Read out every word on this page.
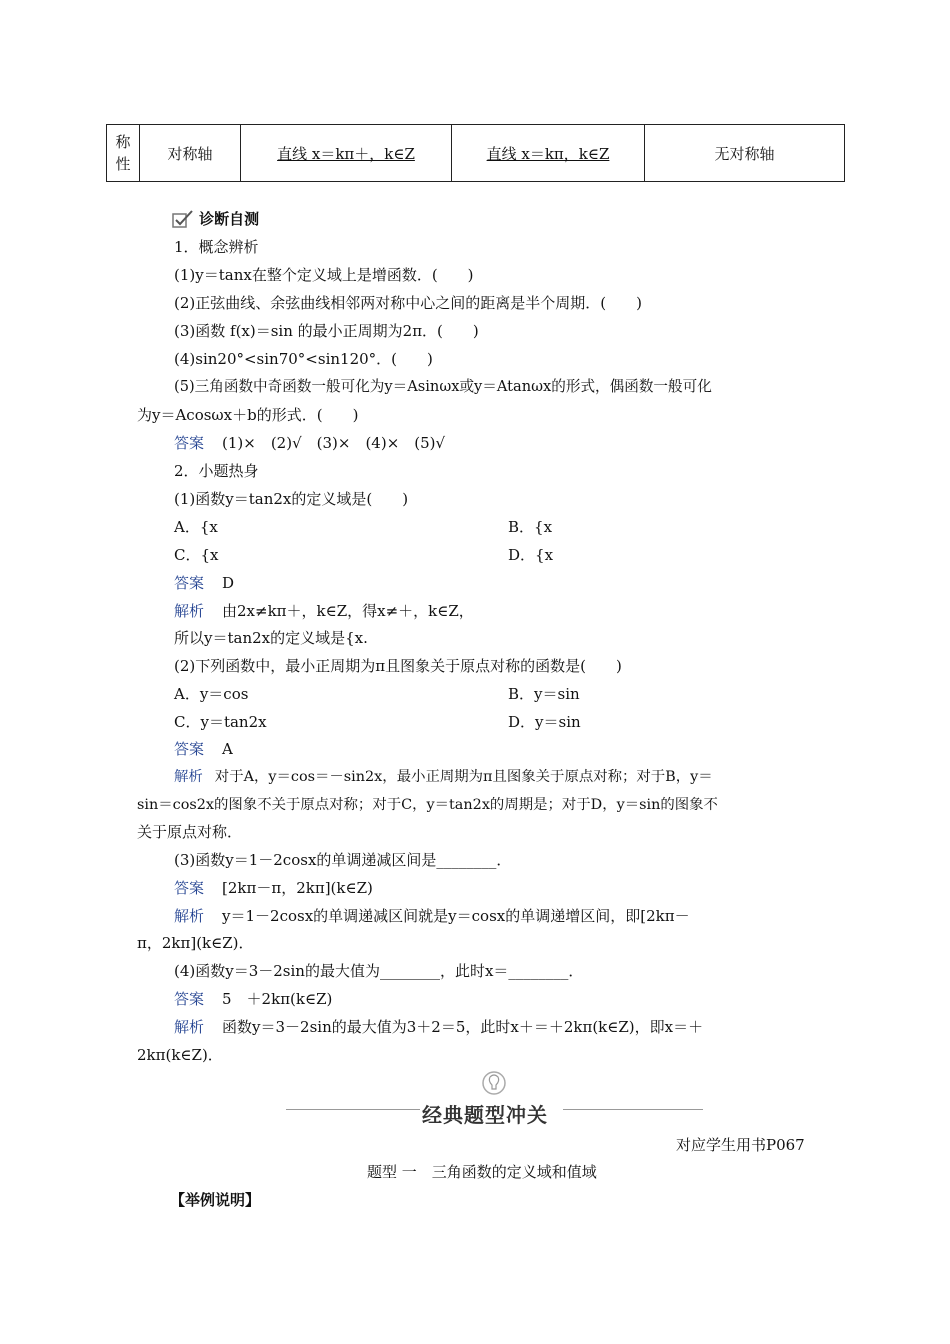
称
性	对称轴	直线 x＝kπ＋，k∈Z	直线 x＝kπ，k∈Z	无对称轴
诊断自测
1．概念辨析
(1)y＝tanx在整个定义域上是增函数．(　　)
(2)正弦曲线、余弦曲线相邻两对称中心之间的距离是半个周期．(　　)
(3)函数 f(x)＝sin 的最小正周期为2π．(　　)
(4)sin20°<sin70°<sin120°．(　　)
(5)三角函数中奇函数一般可化为y＝Asinωx或y＝Atanωx的形式，偶函数一般可化
为y＝Acosωx＋b的形式．(　　)
答案 (1)×　(2)√　(3)×　(4)×　(5)√
2．小题热身
(1)函数y＝tan2x的定义域是(　　)
A．{x	B．{x
C．{x	D．{x
答案 D
解析 由2x≠kπ＋，k∈Z，得x≠＋，k∈Z，
所以y＝tan2x的定义域是{x.
(2)下列函数中，最小正周期为π且图象关于原点对称的函数是(　　)
A．y＝cos	B．y＝sin
C．y＝tan2x	D．y＝sin
答案 A
解析 对于A，y＝cos＝－sin2x，最小正周期为π且图象关于原点对称；对于B，y＝
sin＝cos2x的图象不关于原点对称；对于C，y＝tan2x的周期是；对于D，y＝sin的图象不
关于原点对称．
(3)函数y＝1－2cosx的单调递减区间是________．
答案 [2kπ－π，2kπ](k∈Z)
解析 y＝1－2cosx的单调递减区间就是y＝cosx的单调递增区间，即[2kπ－
π，2kπ](k∈Z)．
(4)函数y＝3－2sin的最大值为________，此时x＝________．
答案 5　＋2kπ(k∈Z)
解析 函数y＝3－2sin的最大值为3＋2＝5，此时x＋＝＋2kπ(k∈Z)，即x＝＋
2kπ(k∈Z)．
经典题型冲关
对应学生用书P067
题型 一　三角函数的定义域和值域
【举例说明】
